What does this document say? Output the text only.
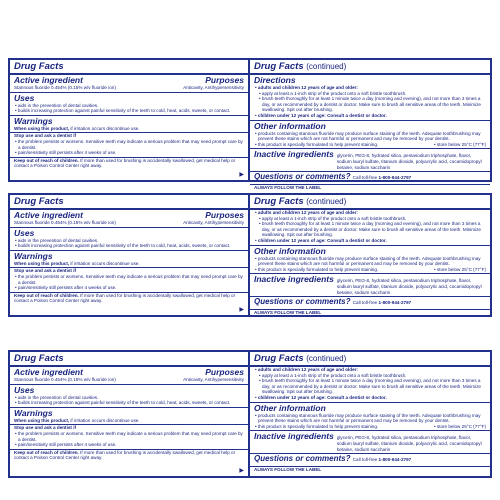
Drug Facts
Active ingredient	Purposes
Stannous fluoride 0.454% (0.15% w/v fluoride ion)	Anticavity, Antihypersensitivity
Uses
• aids in the prevention of dental cavities.
• builds increasing protection against painful sensitivity of the teeth to cold, heat, acids, sweets, or contact.
Warnings
When using this product, if irritation occurs discontinue use.
Stop use and ask a dentist if
• the problem persists or worsens. Sensitive teeth may indicate a serious problem that may need prompt care by a dentist.
• pain/sensitivity still persists after 4 weeks of use.
Keep out of reach of children. If more than used for brushing is accidentally swallowed, get medical help or contact a Poison Control Center right away.
▶
Drug Facts (continued)
Directions
• adults and children 12 years of age and older:
• apply at least a 1-inch strip of the product onto a soft bristle toothbrush.
• brush teeth thoroughly for at least 1 minute twice a day (morning and evening), and not more than 3 times a day, or as recommended by a dentist or doctor. Make sure to brush all sensitive areas of the teeth. Minimize swallowing. Spit out after brushing.
• children under 12 years of age: Consult a dentist or doctor.
Other information
• products containing stannous fluoride may produce surface staining of the teeth. Adequate toothbrushing may prevent these stains which are not harmful or permanent and may be removed by your dentist.
• this product is specially formulated to help prevent staining.	• store below 25°C (77°F)
Inactive ingredients glycerin, PEG-8, hydrated silica, pentasodium triphosphate, flavor, sodium lauryl sulfate, titanium dioxide, polyacrylic acid, cocamidopropyl betaine, sodium saccharin
Questions or comments? Call toll-free 1-800-944-2797
ALWAYS FOLLOW THE LABEL
Drug Facts
Active ingredient	Purposes
Stannous fluoride 0.454% (0.15% w/v fluoride ion)	Anticavity, Antihypersensitivity
Uses
• aids in the prevention of dental cavities.
• builds increasing protection against painful sensitivity of the teeth to cold, heat, acids, sweets, or contact.
Warnings
When using this product, if irritation occurs discontinue use.
Stop use and ask a dentist if
• the problem persists or worsens. Sensitive teeth may indicate a serious problem that may need prompt care by a dentist.
• pain/sensitivity still persists after 4 weeks of use.
Keep out of reach of children. If more than used for brushing is accidentally swallowed, get medical help or contact a Poison Control Center right away.
▶
Drug Facts (continued)
• adults and children 12 years of age and older:
• apply at least a 1-inch strip of the product onto a soft bristle toothbrush.
• brush teeth thoroughly for at least 1 minute twice a day (morning and evening), and not more than 3 times a day, or as recommended by a dentist or doctor. Make sure to brush all sensitive areas of the teeth. Minimize swallowing. Spit out after brushing.
• children under 12 years of age: Consult a dentist or doctor.
Other information
• products containing stannous fluoride may produce surface staining of the teeth. Adequate toothbrushing may prevent these stains which are not harmful or permanent and may be removed by your dentist.
• this product is specially formulated to help prevent staining.	• store below 25°C (77°F)
Inactive ingredients glycerin, PEG-8, hydrated silica, pentasodium triphosphate, flavor, sodium lauryl sulfate, titanium dioxide, polyacrylic acid, cocamidopropyl betaine, sodium saccharin
Questions or comments? Call toll-free 1-800-944-2797
ALWAYS FOLLOW THE LABEL
Drug Facts
Active ingredient	Purposes
Stannous fluoride 0.454% (0.15% w/v fluoride ion)	Anticavity, Antihypersensitivity
Uses
• aids in the prevention of dental cavities.
• builds increasing protection against painful sensitivity of the teeth to cold, heat, acids, sweets, or contact.
Warnings
When using this product, if irritation occurs discontinue use.
Stop use and ask a dentist if
• the problem persists or worsens. Sensitive teeth may indicate a serious problem that may need prompt care by a dentist.
• pain/sensitivity still persists after 4 weeks of use.
Keep out of reach of children. If more than used for brushing is accidentally swallowed, get medical help or contact a Poison Control Center right away.
▶
Drug Facts (continued)
• adults and children 12 years of age and older:
• apply at least a 1-inch strip of the product onto a soft bristle toothbrush.
• brush teeth thoroughly for at least 1 minute twice a day (morning and evening), and not more than 3 times a day, or as recommended by a dentist or doctor. Make sure to brush all sensitive areas of the teeth. Minimize swallowing. Spit out after brushing.
• children under 12 years of age: Consult a dentist or doctor.
Other information
• products containing stannous fluoride may produce surface staining of the teeth. Adequate toothbrushing may prevent these stains which are not harmful or permanent and may be removed by your dentist.
• this product is specially formulated to help prevent staining.	• store below 25°C (77°F)
Inactive ingredients glycerin, PEG-8, hydrated silica, pentasodium triphosphate, flavor, sodium lauryl sulfate, titanium dioxide, polyacrylic acid, cocamidopropyl betaine, sodium saccharin
Questions or comments? Call toll-free 1-800-944-2797
ALWAYS FOLLOW THE LABEL
